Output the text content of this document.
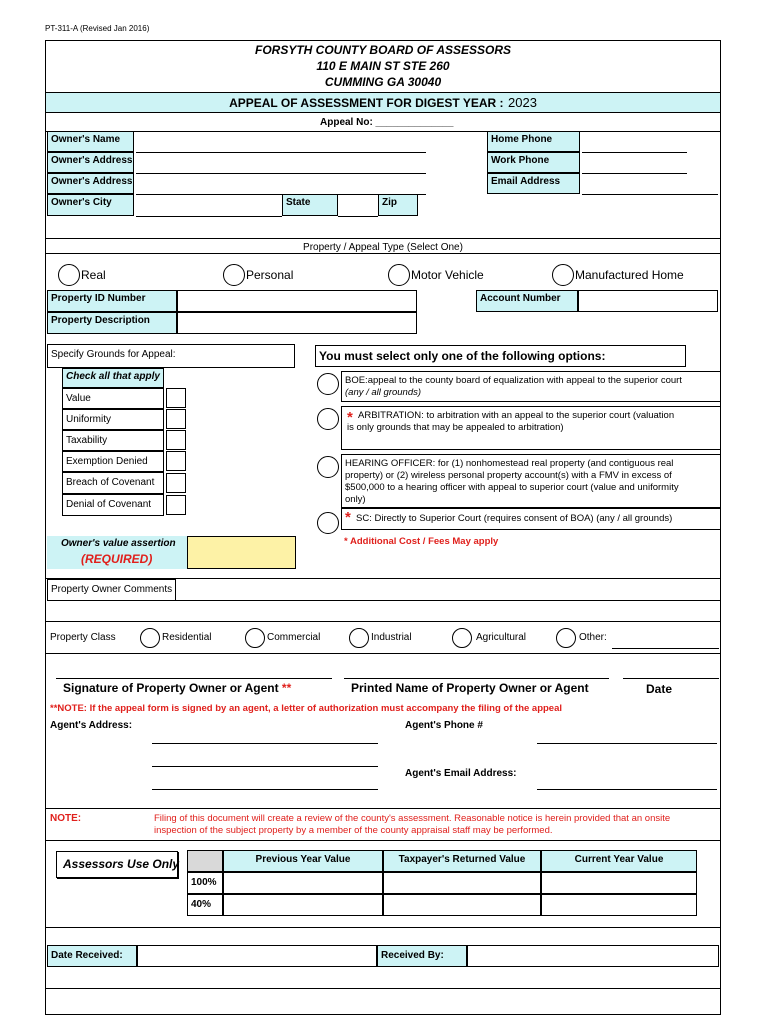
PT-311-A (Revised Jan 2016)
FORSYTH COUNTY BOARD OF ASSESSORS
110 E MAIN ST STE 260
CUMMING GA 30040
APPEAL OF ASSESSMENT FOR DIGEST YEAR : 2023
Appeal No: ______________
Owner's Name
Owner's Address
Owner's Address
Owner's City	State	Zip
Home Phone
Work Phone
Email Address
Property / Appeal Type (Select One)
Real	Personal	Motor Vehicle	Manufactured Home
Property ID Number	Account Number
Property Description
Specify Grounds for Appeal:
Check all that apply
Value
Uniformity
Taxability
Exemption Denied
Breach of Covenant
Denial of Covenant
You must select only one of the following options:
BOE:appeal to the county board of equalization with appeal to the superior court
(any / all grounds)
* ARBITRATION: to arbitration with an appeal to the superior court (valuation
is only grounds that may be appealed to arbitration)
HEARING OFFICER: for (1) nonhomestead real property (and contiguous real
property) or (2) wireless personal property account(s) with a FMV in excess of
$500,000 to a hearing officer with appeal to superior court (value and uniformity
only)
* SC: Directly to Superior Court (requires consent of BOA) (any / all grounds)
* Additional Cost / Fees May apply
Owner's value assertion
(REQUIRED)
Property Owner Comments
Property Class	Residential	Commercial	Industrial	Agricultural	Other:
Signature of Property Owner or Agent **	Printed Name of Property Owner or Agent	Date
**NOTE: If the appeal form is signed by an agent, a letter of authorization must accompany the filing of the appeal
Agent's Address:	Agent's Phone #
Agent's Email Address:
NOTE:	Filing of this document will create a review of the county's assessment. Reasonable notice is herein provided that an onsite
inspection of the subject property by a member of the county appraisal staff may be performed.
Assessors Use Only	Previous Year Value	Taxpayer's Returned Value	Current Year Value
100%
40%
Date Received:	Received By:
